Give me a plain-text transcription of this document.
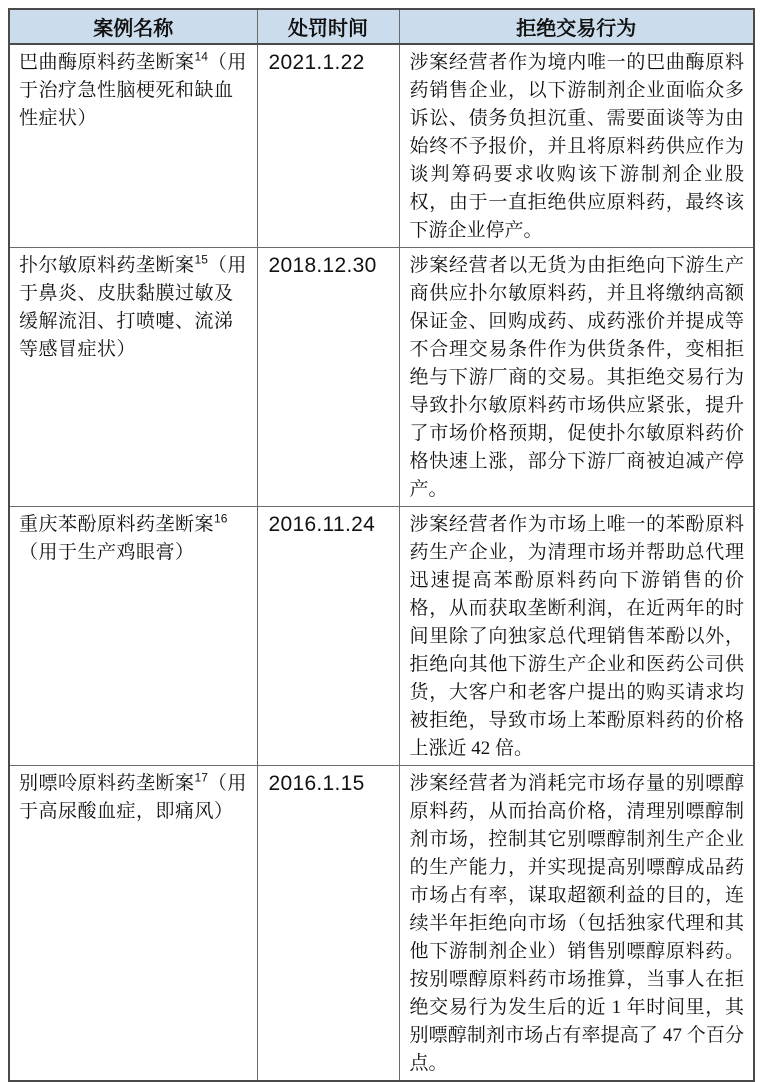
案例名称	处罚时间	拒绝交易行为
巴曲酶原料药垄断案$^{14}$（用于治疗急性脑梗死和缺血性症状）	2021.1.22	涉案经营者作为境内唯一的巴曲酶原料药销售企业，以下游制剂企业面临众多诉讼、债务负担沉重、需要面谈等为由始终不予报价，并且将原料药供应作为谈判筹码要求收购该下游制剂企业股权，由于一直拒绝供应原料药，最终该下游企业停产。
扑尔敏原料药垄断案$^{15}$（用于鼻炎、皮肤黏膜过敏及缓解流泪、打喷嚏、流涕等感冒症状）	2018.12.30	涉案经营者以无货为由拒绝向下游生产商供应扑尔敏原料药，并且将缴纳高额保证金、回购成药、成药涨价并提成等不合理交易条件作为供货条件，变相拒绝与下游厂商的交易。其拒绝交易行为导致扑尔敏原料药市场供应紧张，提升了市场价格预期，促使扑尔敏原料药价格快速上涨，部分下游厂商被迫减产停产。
重庆苯酚原料药垄断案$^{16}$（用于生产鸡眼膏）	2016.11.24	涉案经营者作为市场上唯一的苯酚原料药生产企业，为清理市场并帮助总代理迅速提高苯酚原料药向下游销售的价格，从而获取垄断利润，在近两年的时间里除了向独家总代理销售苯酚以外，拒绝向其他下游生产企业和医药公司供货，大客户和老客户提出的购买请求均被拒绝，导致市场上苯酚原料药的价格上涨近 42 倍。
别嘌呤原料药垄断案$^{17}$（用于高尿酸血症，即痛风）	2016.1.15	涉案经营者为消耗完市场存量的别嘌醇原料药，从而抬高价格，清理别嘌醇制剂市场，控制其它别嘌醇制剂生产企业的生产能力，并实现提高别嘌醇成品药市场占有率，谋取超额利益的目的，连续半年拒绝向市场（包括独家代理和其他下游制剂企业）销售别嘌醇原料药。按别嘌醇原料药市场推算，当事人在拒绝交易行为发生后的近 1 年时间里，其别嘌醇制剂市场占有率提高了 47 个百分点。
